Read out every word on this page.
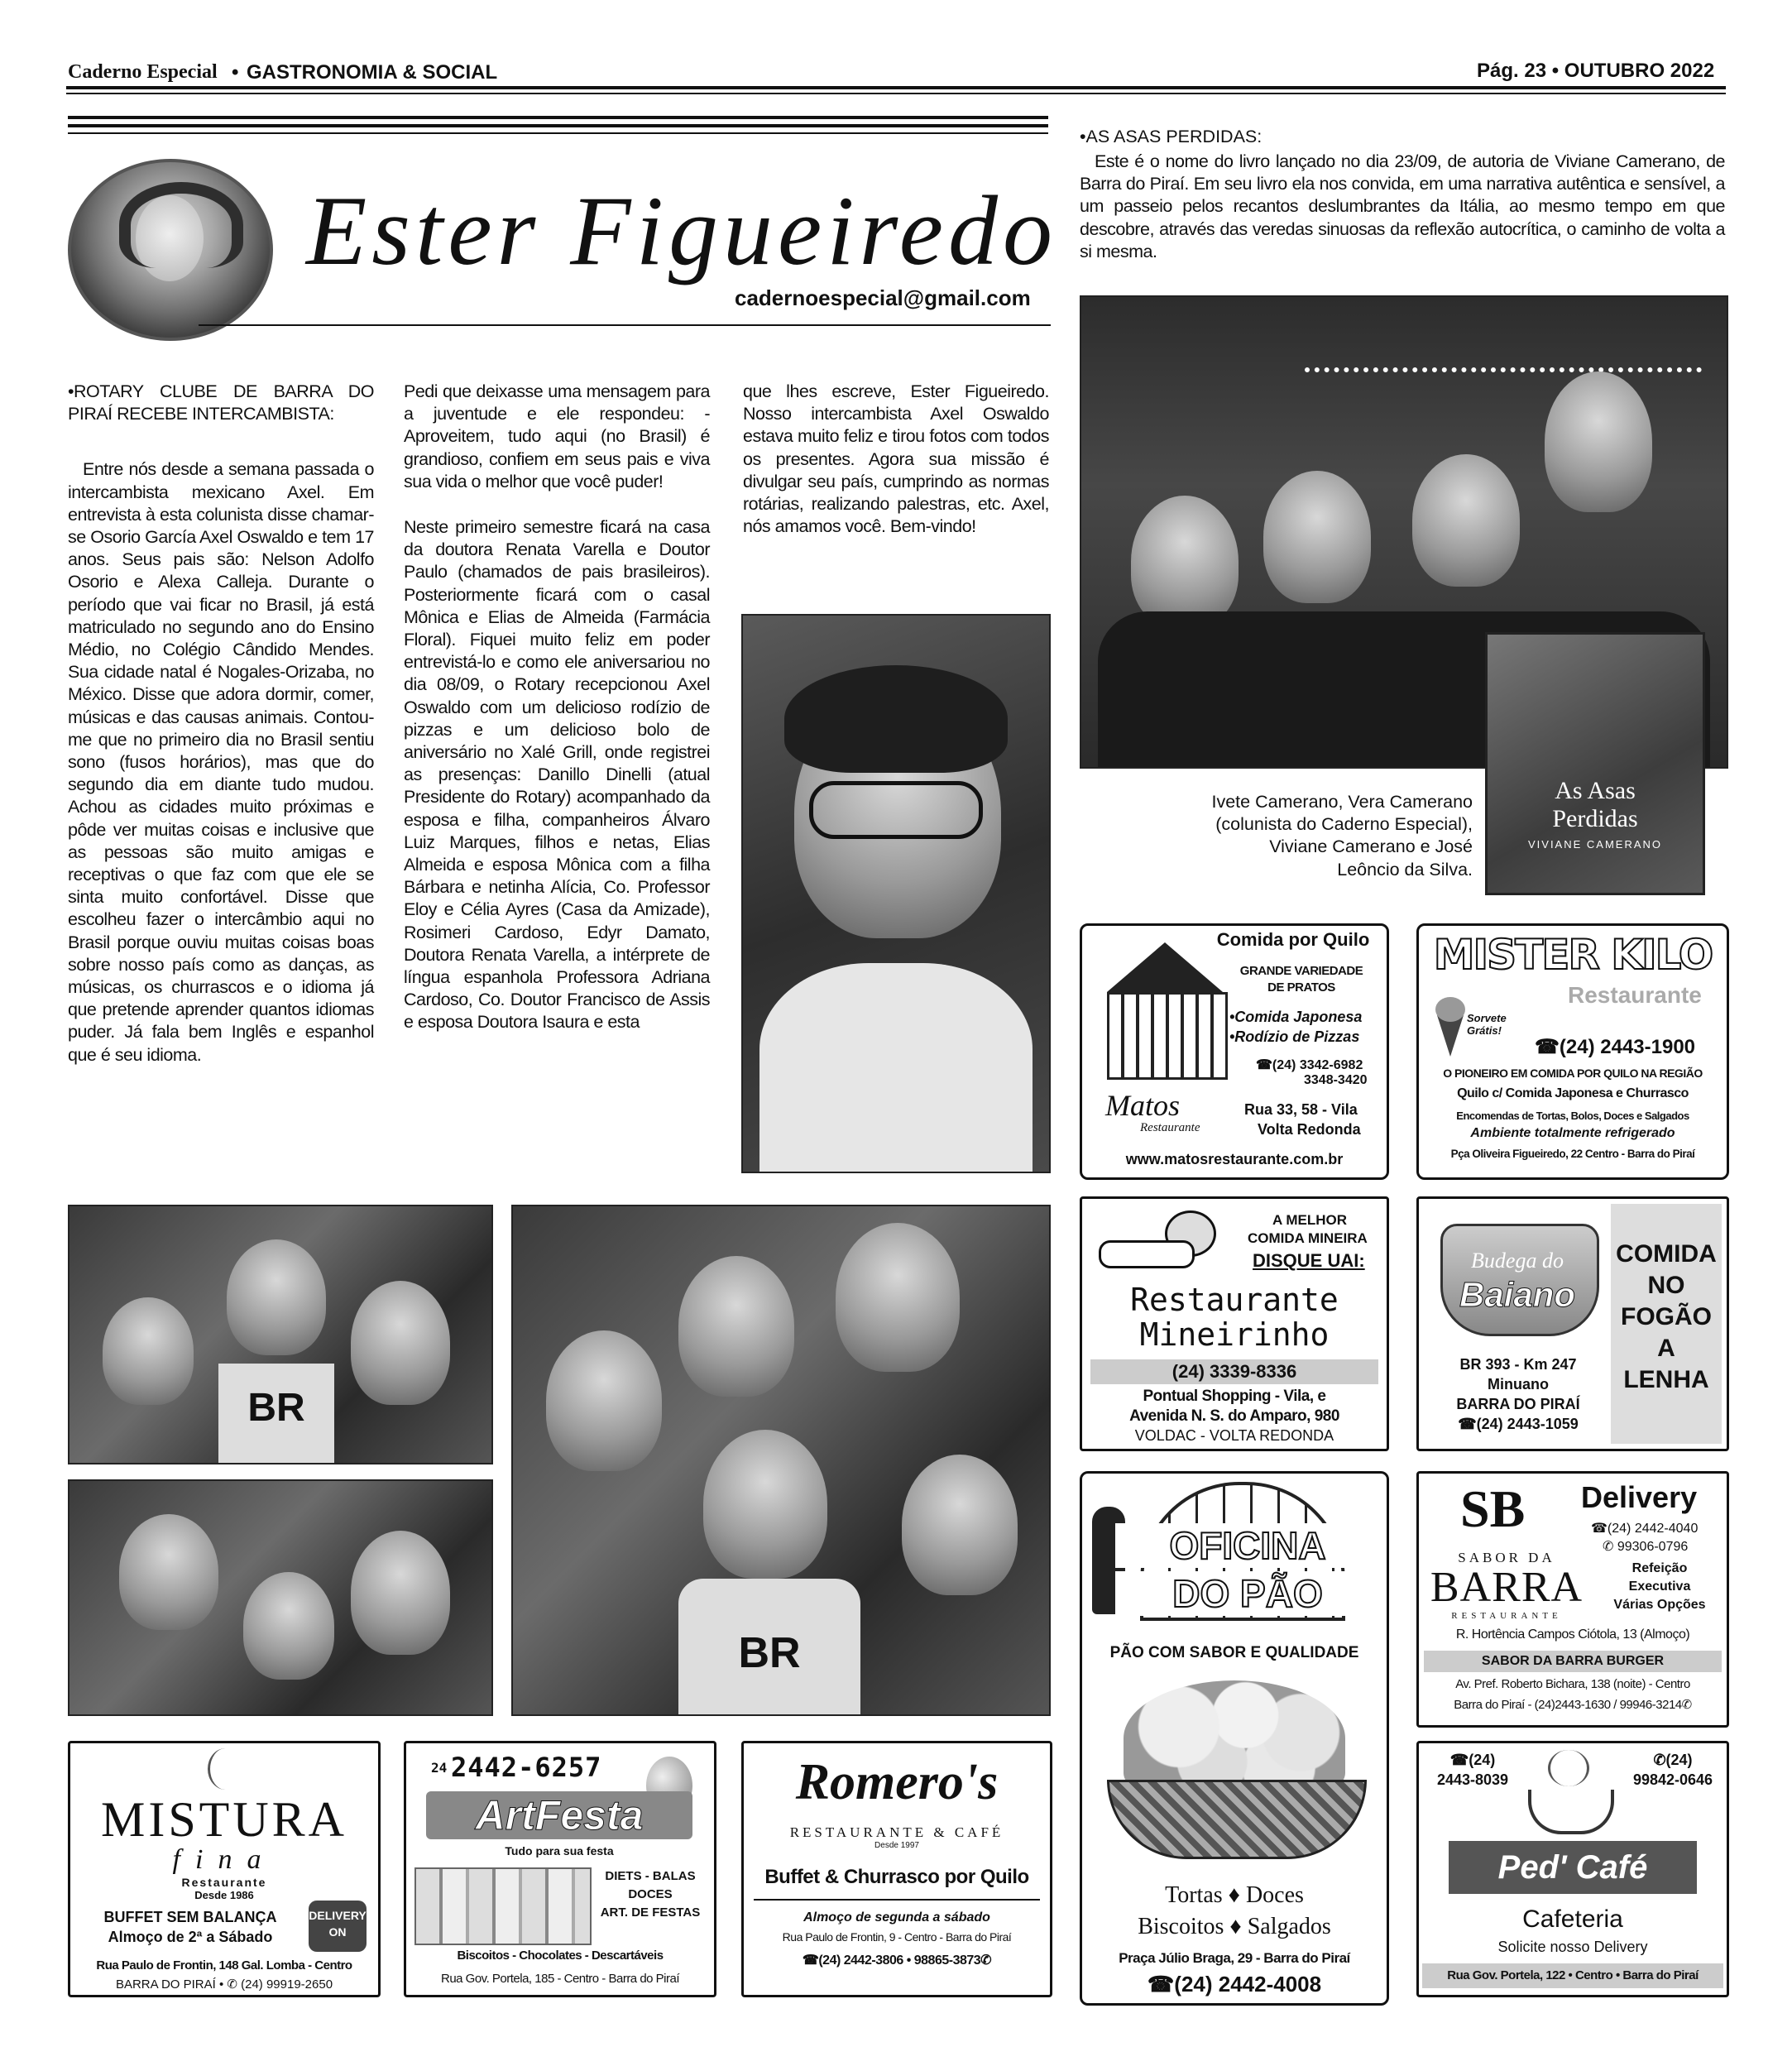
Caderno Especial • GASTRONOMIA & SOCIAL	Pág. 23 • OUTUBRO 2022
Ester Figueiredo
cadernoespecial@gmail.com

•ROTARY CLUBE DE BARRA DO PIRAÍ RECEBE INTERCAMBISTA:

Entre nós desde a semana passada o intercambista mexicano Axel. Em entrevista à esta colunista disse chamar-se Osorio García Axel Oswaldo e tem 17 anos. Seus pais são: Nelson Adolfo Osorio e Alexa Calleja. Durante o período que vai ficar no Brasil, já está matriculado no segundo ano do Ensino Médio, no Colégio Cândido Mendes. Sua cidade natal é Nogales-Orizaba, no México. Disse que adora dormir, comer, músicas e das causas animais. Contou-me que no primeiro dia no Brasil sentiu sono (fusos horários), mas que do segundo dia em diante tudo mudou. Achou as cidades muito próximas e pôde ver muitas coisas e inclusive que as pessoas são muito amigas e receptivas o que faz com que ele se sinta muito confortável. Disse que escolheu fazer o intercâmbio aqui no Brasil porque ouviu muitas coisas boas sobre nosso país como as danças, as músicas, os churrascos e o idioma já que pretende aprender quantos idiomas puder. Já fala bem Inglês e espanhol que é seu idioma.

Pedi que deixasse uma mensagem para a juventude e ele respondeu: - Aproveitem, tudo aqui (no Brasil) é grandioso, confiem em seus pais e viva sua vida o melhor que você puder!

Neste primeiro semestre ficará na casa da doutora Renata Varella e Doutor Paulo (chamados de pais brasileiros). Posteriormente ficará com o casal Mônica e Elias de Almeida (Farmácia Floral). Fiquei muito feliz em poder entrevistá-lo e como ele aniversariou no dia 08/09, o Rotary recepcionou Axel Oswaldo com um delicioso rodízio de pizzas e um delicioso bolo de aniversário no Xalé Grill, onde registrei as presenças: Danillo Dinelli (atual Presidente do Rotary) acompanhado da esposa e filha, companheiros Álvaro Luiz Marques, filhos e netas, Elias Almeida e esposa Mônica com a filha Bárbara e netinha Alícia, Co. Professor Eloy e Célia Ayres (Casa da Amizade), Rosimeri Cardoso, Edyr Damato, Doutora Renata Varella, a intérprete de língua espanhola Professora Adriana Cardoso, Co. Doutor Francisco de Assis e esposa Doutora Isaura e esta

que lhes escreve, Ester Figueiredo. Nosso intercambista Axel Oswaldo estava muito feliz e tirou fotos com todos os presentes. Agora sua missão é divulgar seu país, cumprindo as normas rotárias, realizando palestras, etc. Axel, nós amamos você. Bem-vindo!

•AS ASAS PERDIDAS:
Este é o nome do livro lançado no dia 23/09, de autoria de Viviane Camerano, de Barra do Piraí. Em seu livro ela nos convida, em uma narrativa autêntica e sensível, a um passeio pelos recantos deslumbrantes da Itália, ao mesmo tempo em que descobre, através das veredas sinuosas da reflexão autocrítica, o caminho de volta a si mesma.
As Asas
Perdidas
VIVIANE CAMERANO
Ivete Camerano, Vera Camerano
(colunista do Caderno Especial),
Viviane Camerano e José
Leôncio da Silva.
BR
BR
Comida por Quilo
GRANDE VARIEDADE
DE PRATOS
•Comida Japonesa
•Rodízio de Pizzas
☎(24) 3342-6982
3348-3420
Matos
Restaurante
Rua 33, 58 - Vila
Volta Redonda
www.matosrestaurante.com.br
MISTER KILO
Restaurante
Sorvete Grátis!
☎(24) 2443-1900
O PIONEIRO EM COMIDA POR QUILO NA REGIÃO
Quilo c/ Comida Japonesa e Churrasco
Encomendas de Tortas, Bolos, Doces e Salgados
Ambiente totalmente refrigerado
Pça Oliveira Figueiredo, 22 Centro - Barra do Piraí
A MELHOR
COMIDA MINEIRA
DISQUE UAI:
Restaurante
Mineirinho
(24) 3339-8336
Pontual Shopping - Vila, e
Avenida N. S. do Amparo, 980
VOLDAC - VOLTA REDONDA
Budega do
Baiano
COMIDA
NO
FOGÃO
A
LENHA
BR 393 - Km 247
Minuano
BARRA DO PIRAÍ
☎(24) 2443-1059
OFICINA
DO PÃO
PÃO COM SABOR E QUALIDADE
Tortas ♦ Doces
Biscoitos ♦ Salgados
Praça Júlio Braga, 29 - Barra do Piraí
☎(24) 2442-4008
SB Delivery
☎(24) 2442-4040
✆ 99306-0796
SABOR DA
BARRA
RESTAURANTE
Refeição
Executiva
Várias Opções
R. Hortência Campos Ciótola, 13 (Almoço)
SABOR DA BARRA BURGER
Av. Pref. Roberto Bichara, 138 (noite) - Centro
Barra do Piraí - (24)2443-1630 / 99946-3214✆
MISTURA
fina
Restaurante
Desde 1986
DELIVERY ON
BUFFET SEM BALANÇA
Almoço de 2ª a Sábado
Rua Paulo de Frontin, 148 Gal. Lomba - Centro
BARRA DO PIRAÍ • ✆ (24) 99919-2650
24 2442-6257
ArtFesta
Tudo para sua festa
DIETS - BALAS
DOCES
ART. DE FESTAS
Biscoitos - Chocolates - Descartáveis
Rua Gov. Portela, 185 - Centro - Barra do Piraí
Romero's
RESTAURANTE & CAFÉ
Desde 1997
Buffet & Churrasco por Quilo
Almoço de segunda a sábado
Rua Paulo de Frontin, 9 - Centro - Barra do Piraí
☎(24) 2442-3806 • 98865-3873✆
☎(24)
2443-8039
✆(24)
99842-0646
Ped' Café
Cafeteria
Solicite nosso Delivery
Rua Gov. Portela, 122 • Centro • Barra do Piraí
